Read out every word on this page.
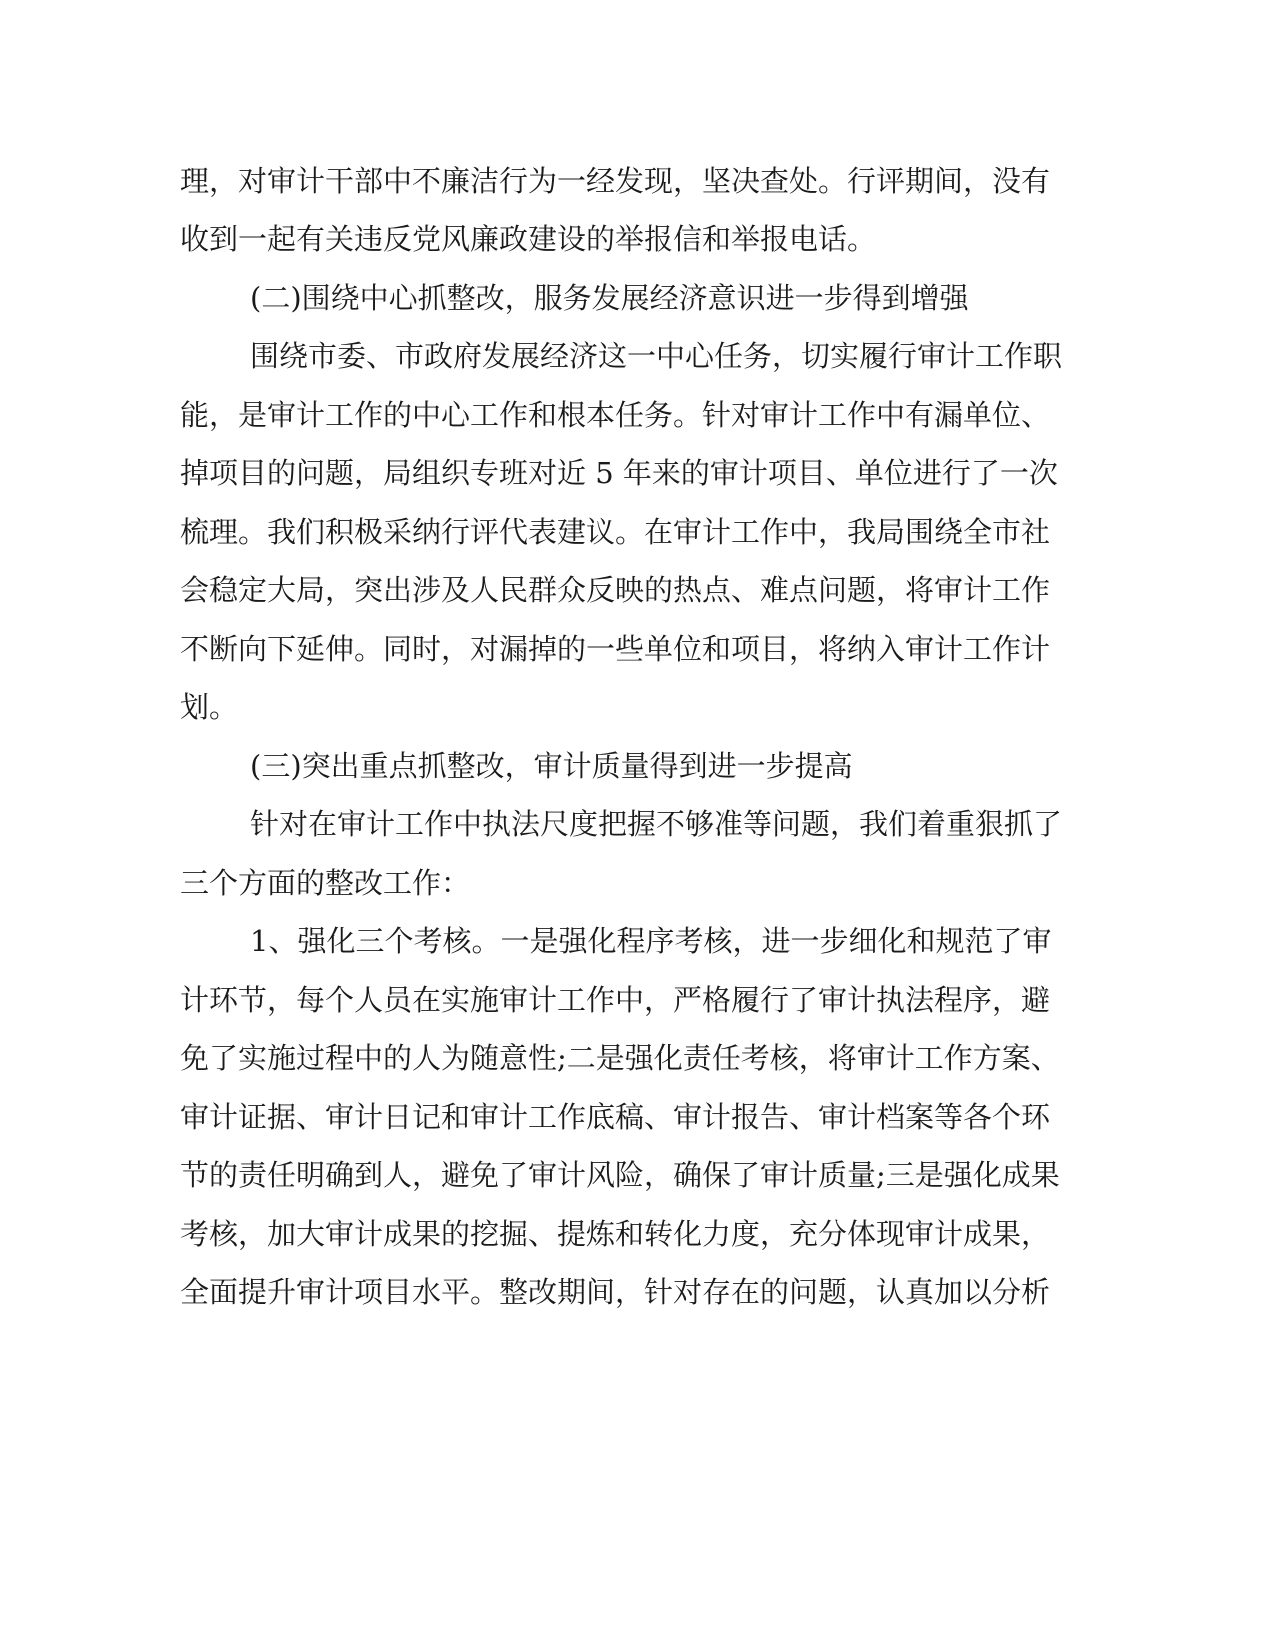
理，对审计干部中不廉洁行为一经发现，坚决查处。行评期间，没有

收到一起有关违反党风廉政建设的举报信和举报电话。

(二)围绕中心抓整改，服务发展经济意识进一步得到增强

围绕市委、市政府发展经济这一中心任务，切实履行审计工作职

能，是审计工作的中心工作和根本任务。针对审计工作中有漏单位、

掉项目的问题，局组织专班对近 5 年来的审计项目、单位进行了一次

梳理。我们积极采纳行评代表建议。在审计工作中，我局围绕全市社

会稳定大局，突出涉及人民群众反映的热点、难点问题，将审计工作

不断向下延伸。同时，对漏掉的一些单位和项目，将纳入审计工作计

划。

(三)突出重点抓整改，审计质量得到进一步提高

针对在审计工作中执法尺度把握不够准等问题，我们着重狠抓了

三个方面的整改工作：

1、强化三个考核。一是强化程序考核，进一步细化和规范了审

计环节，每个人员在实施审计工作中，严格履行了审计执法程序，避

免了实施过程中的人为随意性;二是强化责任考核，将审计工作方案、

审计证据、审计日记和审计工作底稿、审计报告、审计档案等各个环

节的责任明确到人，避免了审计风险，确保了审计质量;三是强化成果

考核，加大审计成果的挖掘、提炼和转化力度，充分体现审计成果，

全面提升审计项目水平。整改期间，针对存在的问题，认真加以分析
